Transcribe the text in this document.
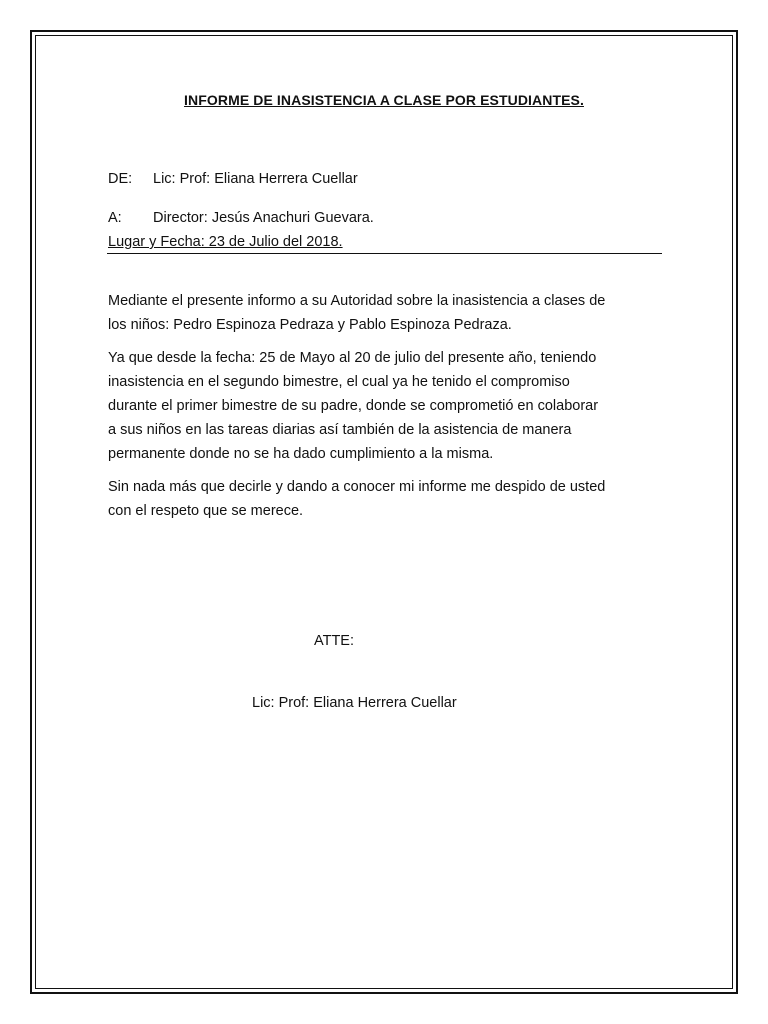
INFORME DE INASISTENCIA A CLASE POR ESTUDIANTES.
DE: Lic: Prof: Eliana Herrera Cuellar
A: Director: Jesús Anachuri Guevara.
Lugar y Fecha: 23 de Julio del 2018.

Mediante el presente informo a su Autoridad sobre la inasistencia a clases de
los niños: Pedro Espinoza Pedraza y Pablo Espinoza Pedraza.

Ya que desde la fecha: 25 de Mayo al 20 de julio del presente año, teniendo
inasistencia en el segundo bimestre, el cual ya he tenido el compromiso
durante el primer bimestre de su padre, donde se comprometió en colaborar
a sus niños en las tareas diarias así también de la asistencia de manera
permanente donde no se ha dado cumplimiento a la misma.

Sin nada más que decirle y dando a conocer mi informe me despido de usted
con el respeto que se merece.

ATTE:
Lic: Prof: Eliana Herrera Cuellar
